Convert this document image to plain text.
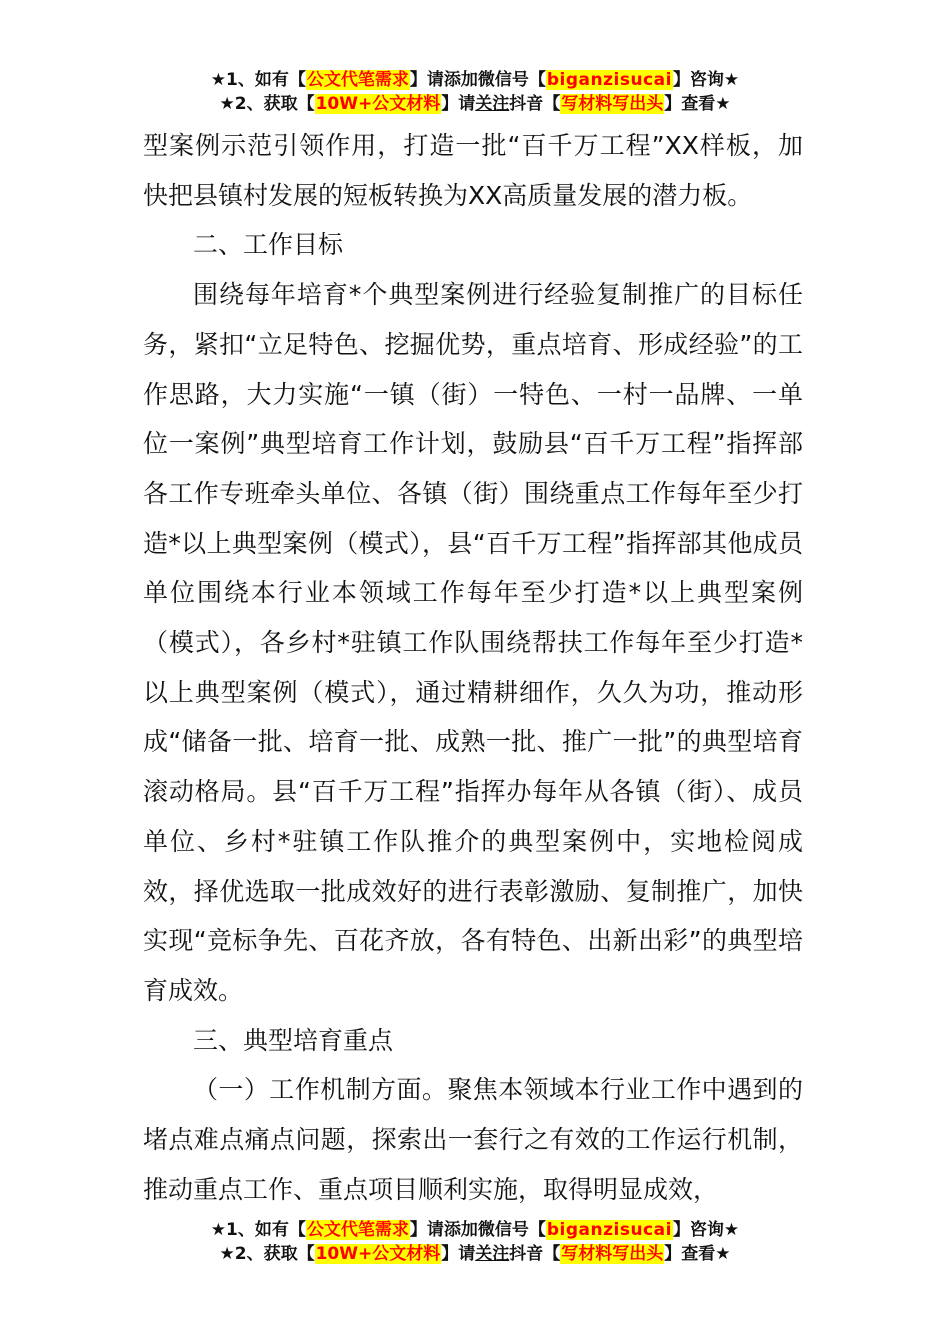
★1、如有【公文代笔需求】请添加微信号【biganzisucai】咨询★
★2、获取【10W+公文材料】请关注抖音【写材料写出头】查看★

型案例示范引领作用，打造一批“百千万工程”XX样板，加快把县镇村发展的短板转换为XX高质量发展的潜力板。

二、工作目标

围绕每年培育*个典型案例进行经验复制推广的目标任务，紧扣“立足特色、挖掘优势，重点培育、形成经验”的工作思路，大力实施“一镇（街）一特色、一村一品牌、一单位一案例”典型培育工作计划，鼓励县“百千万工程”指挥部各工作专班牵头单位、各镇（街）围绕重点工作每年至少打造*以上典型案例（模式），县“百千万工程”指挥部其他成员单位围绕本行业本领域工作每年至少打造*以上典型案例（模式），各乡村*驻镇工作队围绕帮扶工作每年至少打造*以上典型案例（模式），通过精耕细作，久久为功，推动形成“储备一批、培育一批、成熟一批、推广一批”的典型培育滚动格局。县“百千万工程”指挥办每年从各镇（街）、成员单位、乡村*驻镇工作队推介的典型案例中，实地检阅成效，择优选取一批成效好的进行表彰激励、复制推广，加快实现“竞标争先、百花齐放，各有特色、出新出彩”的典型培育成效。

三、典型培育重点

（一）工作机制方面。聚焦本领域本行业工作中遇到的堵点难点痛点问题，探索出一套行之有效的工作运行机制，推动重点工作、重点项目顺利实施，取得明显成效，

★1、如有【公文代笔需求】请添加微信号【biganzisucai】咨询★
★2、获取【10W+公文材料】请关注抖音【写材料写出头】查看★
